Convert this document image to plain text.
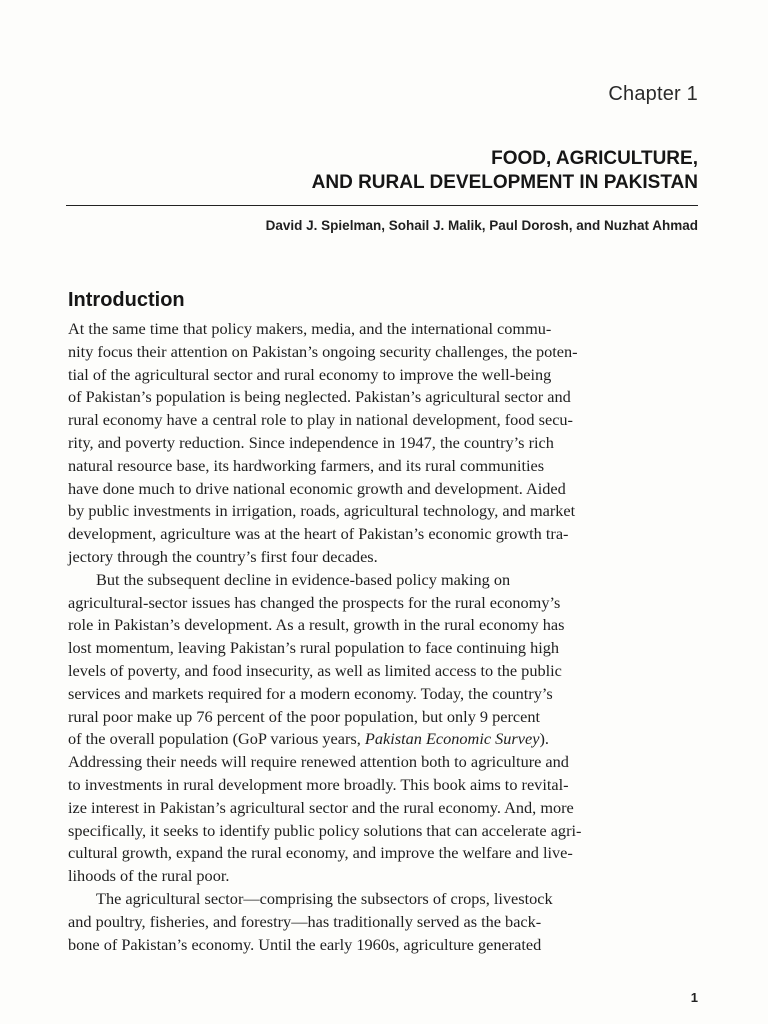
Chapter 1
FOOD, AGRICULTURE,
AND RURAL DEVELOPMENT IN PAKISTAN
David J. Spielman, Sohail J. Malik, Paul Dorosh, and Nuzhat Ahmad
Introduction

At the same time that policy makers, media, and the international commu-
nity focus their attention on Pakistan’s ongoing security challenges, the poten-
tial of the agricultural sector and rural economy to improve the well-being
of Pakistan’s population is being neglected. Pakistan’s agricultural sector and
rural economy have a central role to play in national development, food secu-
rity, and poverty reduction. Since independence in 1947, the country’s rich
natural resource base, its hardworking farmers, and its rural communities
have done much to drive national economic growth and development. Aided
by public investments in irrigation, roads, agricultural technology, and market
development, agriculture was at the heart of Pakistan’s economic growth tra-
jectory through the country’s first four decades.

But the subsequent decline in evidence-based policy making on
agricultural-sector issues has changed the prospects for the rural economy’s
role in Pakistan’s development. As a result, growth in the rural economy has
lost momentum, leaving Pakistan’s rural population to face continuing high
levels of poverty, and food insecurity, as well as limited access to the public
services and markets required for a modern economy. Today, the country’s
rural poor make up 76 percent of the poor population, but only 9 percent
of the overall population (GoP various years, Pakistan Economic Survey).
Addressing their needs will require renewed attention both to agriculture and
to investments in rural development more broadly. This book aims to revital-
ize interest in Pakistan’s agricultural sector and the rural economy. And, more
specifically, it seeks to identify public policy solutions that can accelerate agri-
cultural growth, expand the rural economy, and improve the welfare and live-
lihoods of the rural poor.

The agricultural sector—comprising the subsectors of crops, livestock
and poultry, fisheries, and forestry—has traditionally served as the back-
bone of Pakistan’s economy. Until the early 1960s, agriculture generated

1
